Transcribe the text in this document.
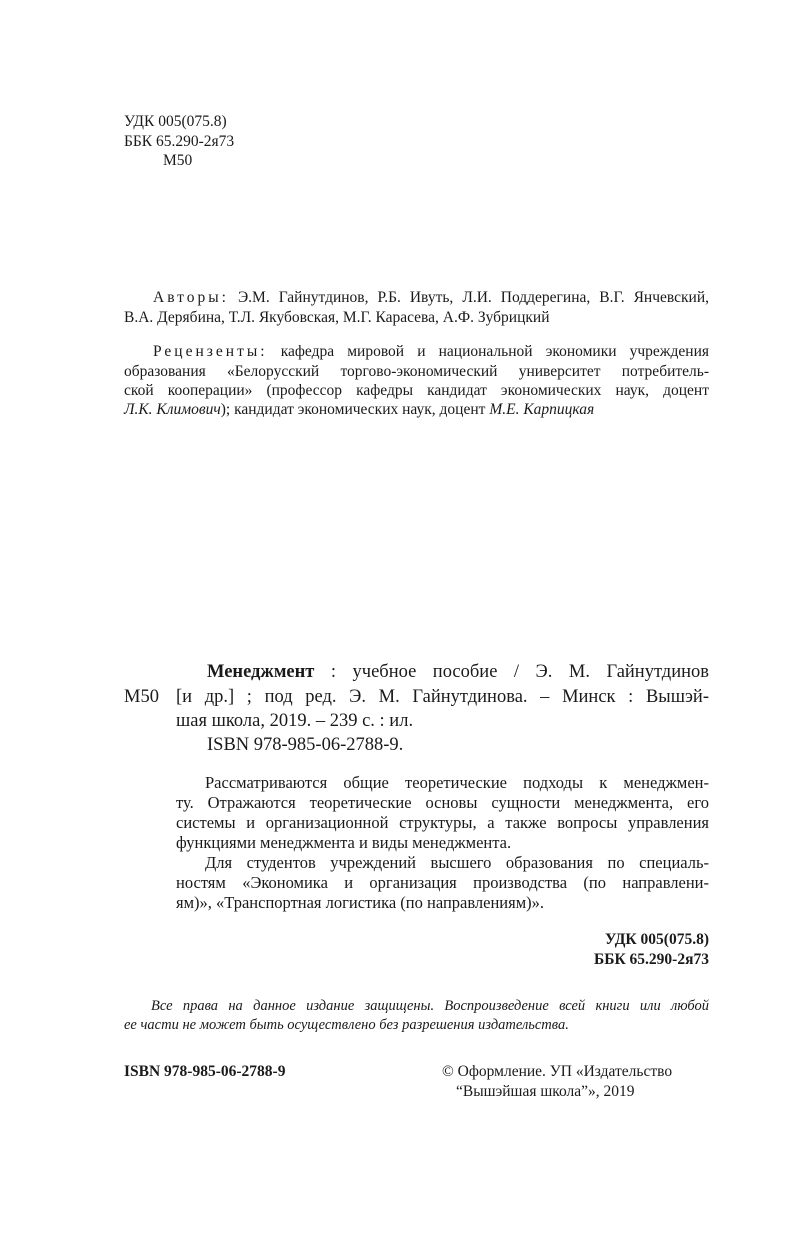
УДК 005(075.8)
ББК 65.290-2я73
М50
Авторы: Э.М. Гайнутдинов, Р.Б. Ивуть, Л.И. Поддерегина, В.Г. Янчевский,
В.А. Дерябина, Т.Л. Якубовская, М.Г. Карасева, А.Ф. Зубрицкий
Рецензенты: кафедра мировой и национальной экономики учреждения
образования «Белорусский торгово-экономический университет потребитель-
ской кооперации» (профессор кафедры кандидат экономических наук, доцент
Л.К. Климович); кандидат экономических наук, доцент М.Е. Карпицкая
М50
Менеджмент : учебное пособие / Э. М. Гайнутдинов
[и др.] ; под ред. Э. М. Гайнутдинова. – Минск : Вышэй-
шая школа, 2019. – 239 с. : ил.
ISBN 978-985-06-2788-9.
Рассматриваются общие теоретические подходы к менеджмен-
ту. Отражаются теоретические основы сущности менеджмента, его
системы и организационной структуры, а также вопросы управления
функциями менеджмента и виды менеджмента.
Для студентов учреждений высшего образования по специаль-
ностям «Экономика и организация производства (по направлени-
ям)», «Транспортная логистика (по направлениям)».
УДК 005(075.8)
ББК 65.290-2я73
Все права на данное издание защищены. Воспроизведение всей книги или любой
ее части не может быть осуществлено без разрешения издательства.
ISBN 978-985-06-2788-9	© Оформление. УП «Издательство
“Вышэйшая школа”», 2019
